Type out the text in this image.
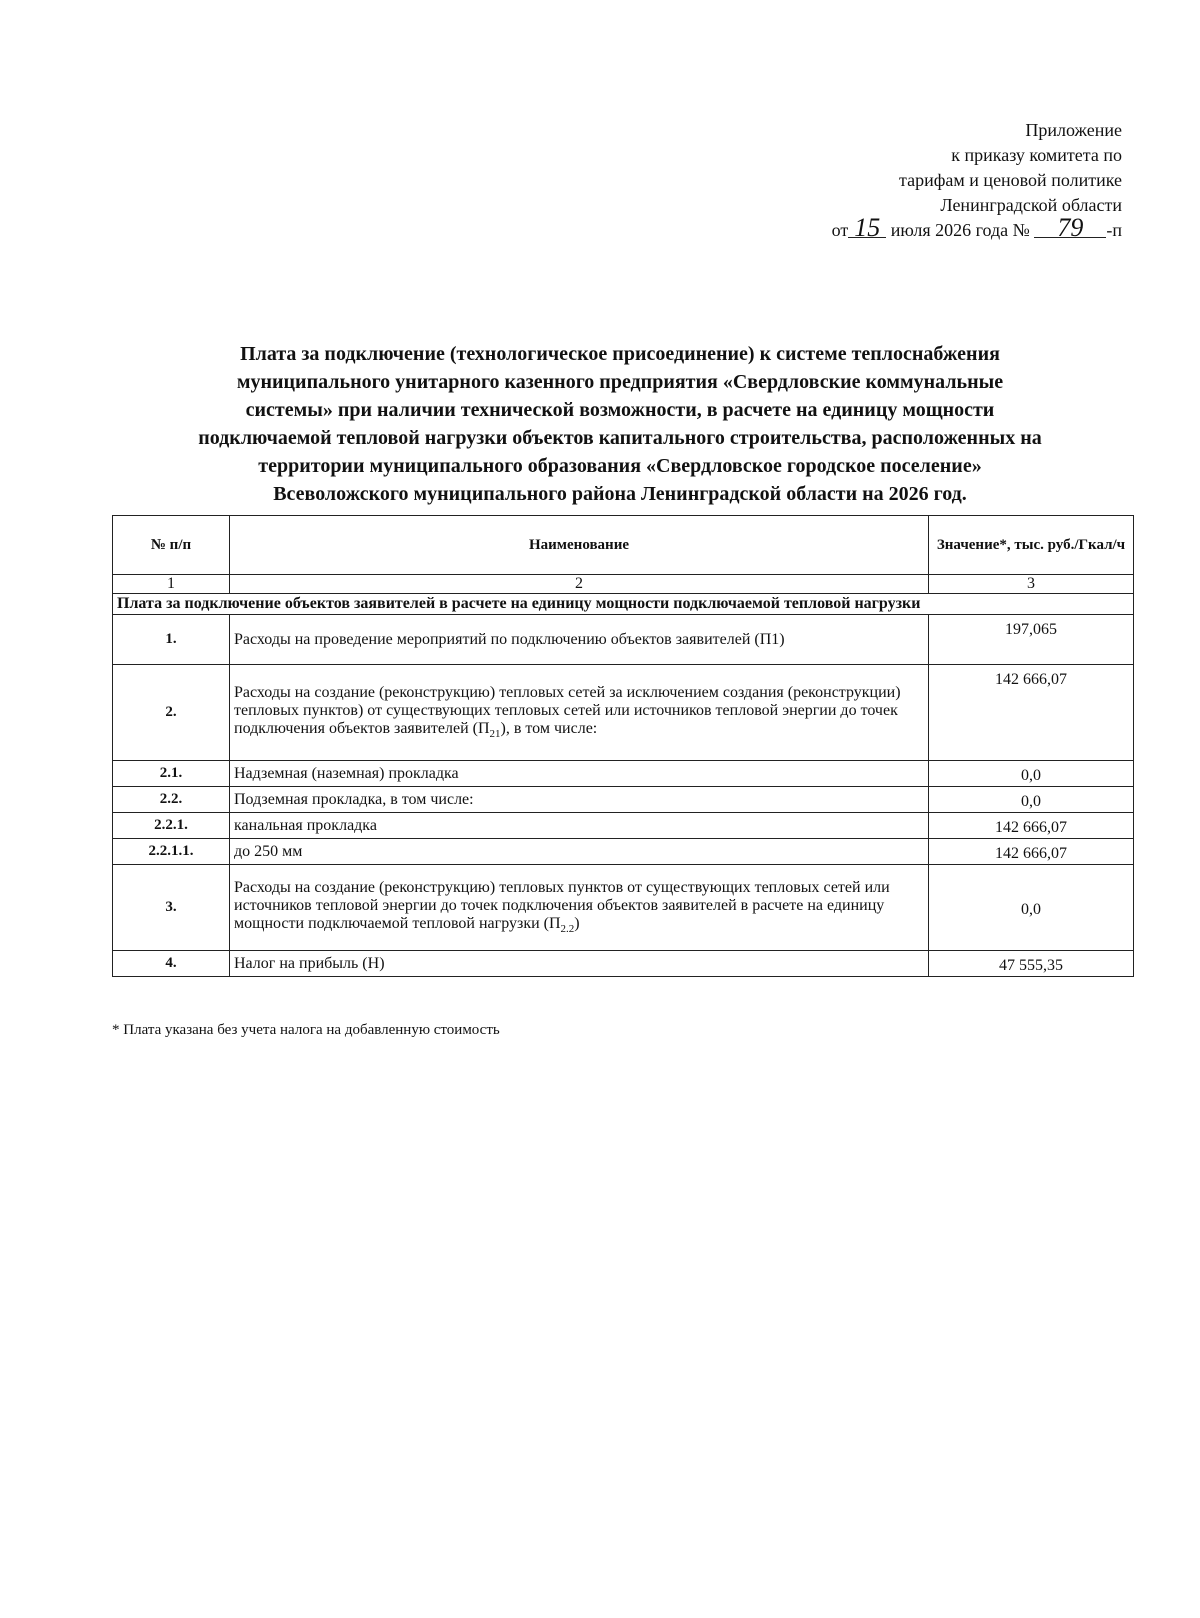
Приложение
к приказу комитета по
тарифам и ценовой политике
Ленинградской области
от 15 июля 2026 года № 79 -п
Плата за подключение (технологическое присоединение) к системе теплоснабжения
муниципального унитарного казенного предприятия «Свердловские коммунальные
системы» при наличии технической возможности, в расчете на единицу мощности
подключаемой тепловой нагрузки объектов капитального строительства, расположенных на
территории муниципального образования «Свердловское городское поселение»
Всеволожского муниципального района Ленинградской области на 2026 год.
№ п/п	Наименование	Значение*, тыс. руб./Гкал/ч
1	2	3
Плата за подключение объектов заявителей в расчете на единицу мощности подключаемой тепловой нагрузки		
1.	Расходы на проведение мероприятий по подключению объектов заявителей (П1)	197,065
2.	Расходы на создание (реконструкцию) тепловых сетей за исключением создания (реконструкции) тепловых пунктов) от существующих тепловых сетей или источников тепловой энергии до точек подключения объектов заявителей $(П_{21})$, в том числе:	142 666,07
2.1.	Надземная (наземная) прокладка	0,0
2.2.	Подземная прокладка, в том числе:	0,0
2.2.1.	канальная прокладка	142 666,07
2.2.1.1.	до 250 мм	142 666,07
3.	Расходы на создание (реконструкцию) тепловых пунктов от существующих тепловых сетей или источников тепловой энергии до точек подключения объектов заявителей в расчете на единицу мощности подключаемой тепловой нагрузки $(П_{2.2})$	0,0
4.	Налог на прибыль (Н)	47 555,35
* Плата указана без учета налога на добавленную стоимость
